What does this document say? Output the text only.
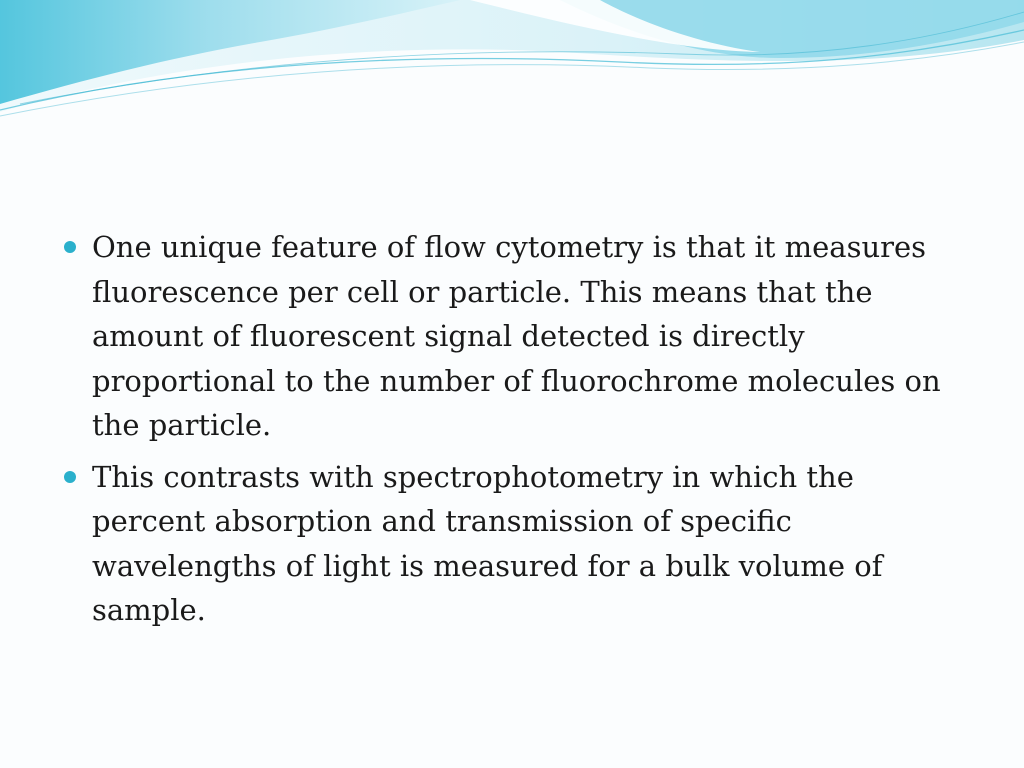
One unique feature of flow cytometry is that it measures fluorescence per cell or particle. This means that the amount of fluorescent signal detected is directly proportional to the number of fluorochrome molecules on the particle.
This contrasts with spectrophotometry in which the percent absorption and transmission of specific wavelengths of light is measured for a bulk volume of sample.
